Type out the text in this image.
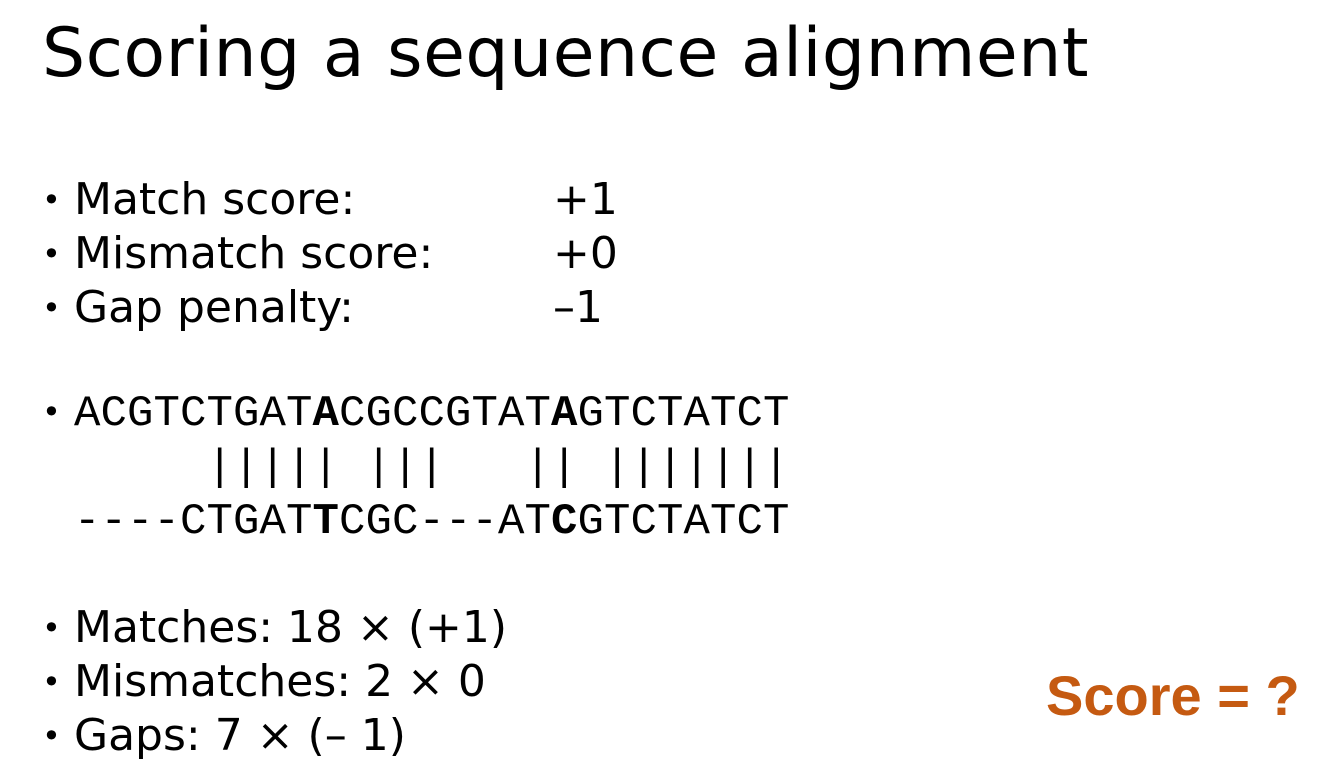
Scoring a sequence alignment
• Match score:	+1
• Mismatch score:	+0
• Gap penalty:	–1
• A C G T C T G A T A C G C C G T A T A G T C T A T C T

| | | | |
| | |

| |
| | | | | | |
- - - - C T G A T T C G C - - - A T C G T C T A T C T
• Matches: 18 × (+1)
• Mismatches: 2 × 0
• Gaps: 7 × (– 1)
Score = ?
